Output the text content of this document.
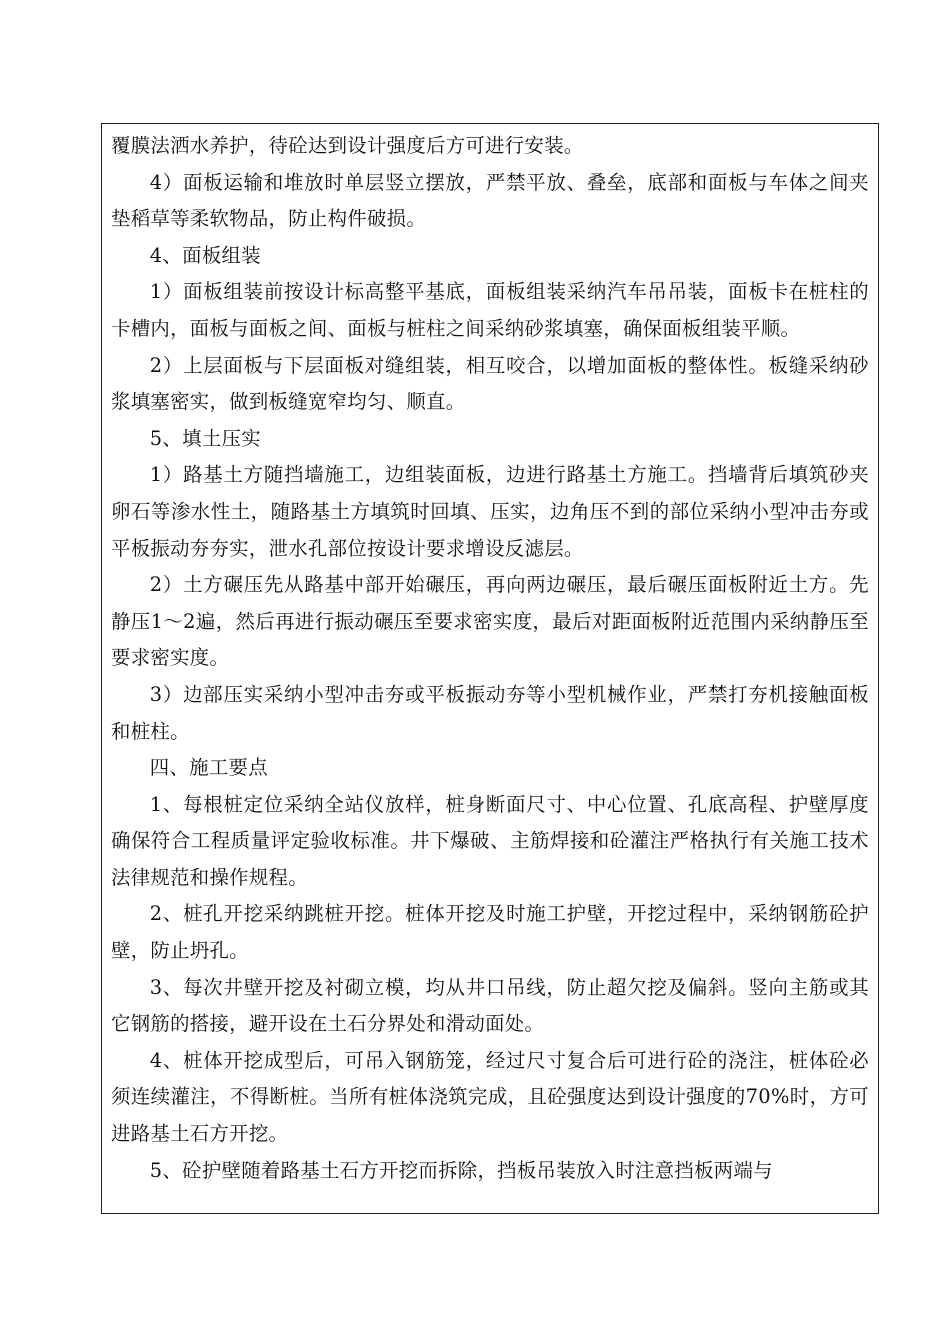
覆膜法洒水养护，待砼达到设计强度后方可进行安装。

4）面板运输和堆放时单层竖立摆放，严禁平放、叠垒，底部和面板与车体之间夹垫稻草等柔软物品，防止构件破损。

4、面板组装

1）面板组装前按设计标高整平基底，面板组装采纳汽车吊吊装，面板卡在桩柱的卡槽内，面板与面板之间、面板与桩柱之间采纳砂浆填塞，确保面板组装平顺。

2）上层面板与下层面板对缝组装，相互咬合，以增加面板的整体性。板缝采纳砂浆填塞密实，做到板缝宽窄均匀、顺直。

5、填土压实

1）路基土方随挡墙施工，边组装面板，边进行路基土方施工。挡墙背后填筑砂夹卵石等渗水性土，随路基土方填筑时回填、压实，边角压不到的部位采纳小型冲击夯或平板振动夯夯实，泄水孔部位按设计要求增设反滤层。

2）土方碾压先从路基中部开始碾压，再向两边碾压，最后碾压面板附近土方。先静压1～2遍，然后再进行振动碾压至要求密实度，最后对距面板附近范围内采纳静压至要求密实度。

3）边部压实采纳小型冲击夯或平板振动夯等小型机械作业，严禁打夯机接触面板和桩柱。

四、施工要点

1、每根桩定位采纳全站仪放样，桩身断面尺寸、中心位置、孔底高程、护壁厚度确保符合工程质量评定验收标准。井下爆破、主筋焊接和砼灌注严格执行有关施工技术法律规范和操作规程。

2、桩孔开挖采纳跳桩开挖。桩体开挖及时施工护壁，开挖过程中，采纳钢筋砼护壁，防止坍孔。

3、每次井壁开挖及衬砌立模，均从井口吊线，防止超欠挖及偏斜。竖向主筋或其它钢筋的搭接，避开设在土石分界处和滑动面处。

4、桩体开挖成型后，可吊入钢筋笼，经过尺寸复合后可进行砼的浇注，桩体砼必须连续灌注，不得断桩。当所有桩体浇筑完成，且砼强度达到设计强度的70%时，方可进路基土石方开挖。

5、砼护壁随着路基土石方开挖而拆除，挡板吊装放入时注意挡板两端与
